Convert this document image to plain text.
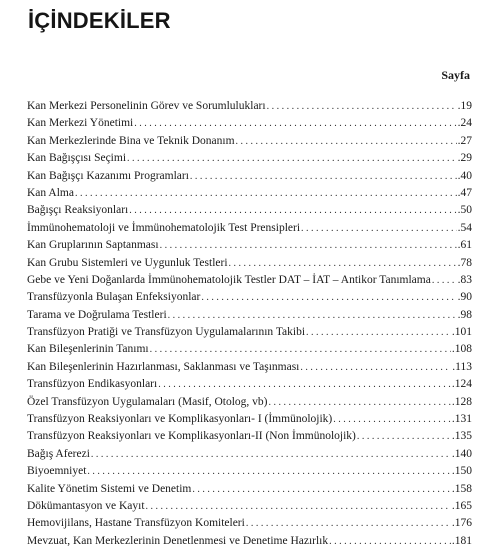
İÇİNDEKİLER
Sayfa
Kan Merkezi Personelinin Görev ve Sorumlulukları . . .	.19
Kan Merkezi Yönetimi . . .	.24
Kan Merkezlerinde Bina ve Teknik Donanım . . .	.27
Kan Bağışçısı Seçimi . . .	.29
Kan Bağışçı Kazanımı Programları . . .	.40
Kan Alma . . .	.47
Bağışçı Reaksiyonları . . .	.50
İmmünohematoloji ve İmmünohematolojik Test Prensipleri . . .	.54
Kan Gruplarının Saptanması . . .	.61
Kan Grubu Sistemleri ve Uygunluk Testleri . . .	.78
Gebe ve Yeni Doğanlarda İmmünohematolojik Testler DAT – İAT – Antikor Tanımlama . . . .83
Transfüzyonla Bulaşan Enfeksiyonlar . . .	.90
Tarama ve Doğrulama Testleri . . .	.98
Transfüzyon Pratiği ve Transfüzyon Uygulamalarının Takibi . . .	.101
Kan Bileşenlerinin Tanımı . . .	.108
Kan Bileşenlerinin Hazırlanması, Saklanması ve Taşınması . . .	.113
Transfüzyon Endikasyonları . . .	.124
Özel Transfüzyon Uygulamaları (Masif, Otolog, vb) . . .	.128
Transfüzyon Reaksiyonları ve Komplikasyonları- I (İmmünolojik) . . .	.131
Transfüzyon Reaksiyonları ve Komplikasyonları-II (Non İmmünolojik) . . .	.135
Bağış Aferezi . . .	.140
Biyoemniyet . . .	.150
Kalite Yönetim Sistemi ve Denetim . . .	.158
Dökümantasyon ve Kayıt . . .	.165
Hemovijilans, Hastane Transfüzyon Komiteleri . . .	.176
Mevzuat, Kan Merkezlerinin Denetlenmesi ve Denetime Hazırlık . . .	.181
